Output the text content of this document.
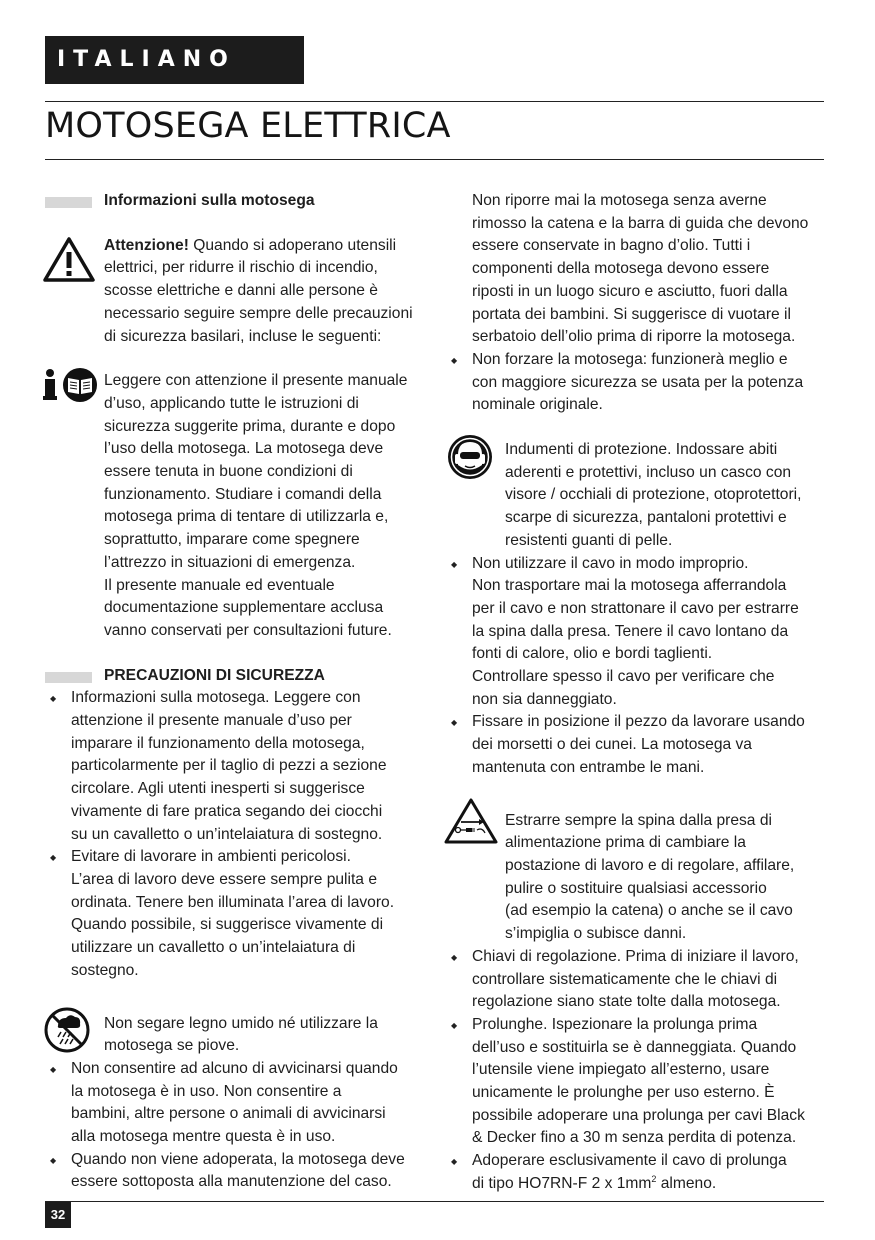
ITALIANO
MOTOSEGA ELETTRICA
Informazioni sulla motosega

Attenzione! Quando si adoperano utensili

elettrici, per ridurre il rischio di incendio,

scosse elettriche e danni alle persone è

necessario seguire sempre delle precauzioni

di sicurezza basilari, incluse le seguenti:

Leggere con attenzione il presente manuale

d’uso, applicando tutte le istruzioni di

sicurezza suggerite prima, durante e dopo

l’uso della motosega. La motosega deve

essere tenuta in buone condizioni di

funzionamento. Studiare i comandi della

motosega prima di tentare di utilizzarla e,

soprattutto, imparare come spegnere

l’attrezzo in situazioni di emergenza.

Il presente manuale ed eventuale

documentazione supplementare acclusa

vanno conservati per consultazioni future.

PRECAUZIONI DI SICUREZZA

◆ Informazioni sulla motosega. Leggere con

attenzione il presente manuale d’uso per

imparare il funzionamento della motosega,

particolarmente per il taglio di pezzi a sezione

circolare. Agli utenti inesperti si suggerisce

vivamente di fare pratica segando dei ciocchi

su un cavalletto o un’intelaiatura di sostegno.

◆ Evitare di lavorare in ambienti pericolosi.

L’area di lavoro deve essere sempre pulita e

ordinata. Tenere ben illuminata l’area di lavoro.

Quando possibile, si suggerisce vivamente di

utilizzare un cavalletto o un’intelaiatura di

sostegno.

Non segare legno umido né utilizzare la

motosega se piove.

◆ Non consentire ad alcuno di avvicinarsi quando

la motosega è in uso. Non consentire a

bambini, altre persone o animali di avvicinarsi

alla motosega mentre questa è in uso.

◆ Quando non viene adoperata, la motosega deve

essere sottoposta alla manutenzione del caso.

Non riporre mai la motosega senza averne

rimosso la catena e la barra di guida che devono

essere conservate in bagno d’olio. Tutti i

componenti della motosega devono essere

riposti in un luogo sicuro e asciutto, fuori dalla

portata dei bambini. Si suggerisce di vuotare il

serbatoio dell’olio prima di riporre la motosega.

◆ Non forzare la motosega: funzionerà meglio e

con maggiore sicurezza se usata per la potenza

nominale originale.

Indumenti di protezione. Indossare abiti

aderenti e protettivi, incluso un casco con

visore / occhiali di protezione, otoprotettori,

scarpe di sicurezza, pantaloni protettivi e

resistenti guanti di pelle.

◆ Non utilizzare il cavo in modo improprio.

Non trasportare mai la motosega afferrandola

per il cavo e non strattonare il cavo per estrarre

la spina dalla presa. Tenere il cavo lontano da

fonti di calore, olio e bordi taglienti.

Controllare spesso il cavo per verificare che

non sia danneggiato.

◆ Fissare in posizione il pezzo da lavorare usando

dei morsetti o dei cunei. La motosega va

mantenuta con entrambe le mani.

Estrarre sempre la spina dalla presa di

alimentazione prima di cambiare la

postazione di lavoro e di regolare, affilare,

pulire o sostituire qualsiasi accessorio

(ad esempio la catena) o anche se il cavo

s’impiglia o subisce danni.

◆ Chiavi di regolazione. Prima di iniziare il lavoro,

controllare sistematicamente che le chiavi di

regolazione siano state tolte dalla motosega.

◆ Prolunghe. Ispezionare la prolunga prima

dell’uso e sostituirla se è danneggiata. Quando

l’utensile viene impiegato all’esterno, usare

unicamente le prolunghe per uso esterno. È

possibile adoperare una prolunga per cavi Black

& Decker fino a 30 m senza perdita di potenza.

◆ Adoperare esclusivamente il cavo di prolunga

di tipo HO7RN-F 2 x $1mm^2$ almeno.

32
